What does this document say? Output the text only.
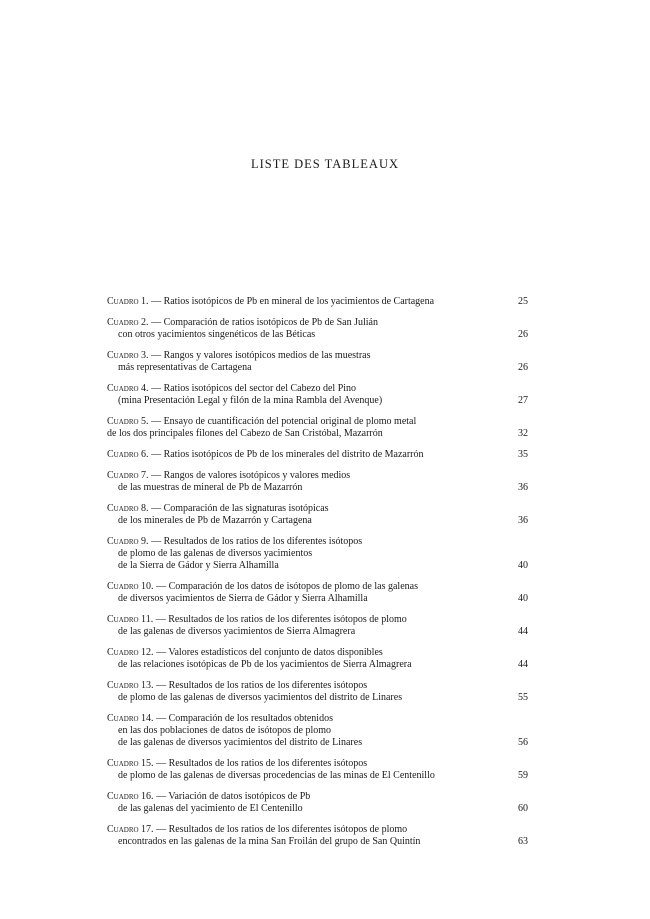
LISTE DES TABLEAUX
Cuadro 1. — Ratios isotópicos de Pb en mineral de los yacimientos de Cartagena	25
Cuadro 2. — Comparación de ratios isotópicos de Pb de San Julián
con otros yacimientos singenéticos de las Béticas	26
Cuadro 3. — Rangos y valores isotópicos medios de las muestras
más representativas de Cartagena	26
Cuadro 4. — Ratios isotópicos del sector del Cabezo del Pino
(mina Presentación Legal y filón de la mina Rambla del Avenque)	27
Cuadro 5. — Ensayo de cuantificación del potencial original de plomo metal
de los dos principales filones del Cabezo de San Cristóbal, Mazarrón	32
Cuadro 6. — Ratios isotópicos de Pb de los minerales del distrito de Mazarrón	35
Cuadro 7. — Rangos de valores isotópicos y valores medios
de las muestras de mineral de Pb de Mazarrón	36
Cuadro 8. — Comparación de las signaturas isotópicas
de los minerales de Pb de Mazarrón y Cartagena	36
Cuadro 9. — Resultados de los ratios de los diferentes isótopos
de plomo de las galenas de diversos yacimientos
de la Sierra de Gádor y Sierra Alhamilla	40
Cuadro 10. — Comparación de los datos de isótopos de plomo de las galenas
de diversos yacimientos de Sierra de Gádor y Sierra Alhamilla	40
Cuadro 11. — Resultados de los ratios de los diferentes isótopos de plomo
de las galenas de diversos yacimientos de Sierra Almagrera	44
Cuadro 12. — Valores estadísticos del conjunto de datos disponibles
de las relaciones isotópicas de Pb de los yacimientos de Sierra Almagrera	44
Cuadro 13. — Resultados de los ratios de los diferentes isótopos
de plomo de las galenas de diversos yacimientos del distrito de Linares	55
Cuadro 14. — Comparación de los resultados obtenidos
en las dos poblaciones de datos de isótopos de plomo
de las galenas de diversos yacimientos del distrito de Linares	56
Cuadro 15. — Resultados de los ratios de los diferentes isótopos
de plomo de las galenas de diversas procedencias de las minas de El Centenillo	59
Cuadro 16. — Variación de datos isotópicos de Pb
de las galenas del yacimiento de El Centenillo	60
Cuadro 17. — Resultados de los ratios de los diferentes isótopos de plomo
encontrados en las galenas de la mina San Froilán del grupo de San Quintín	63
